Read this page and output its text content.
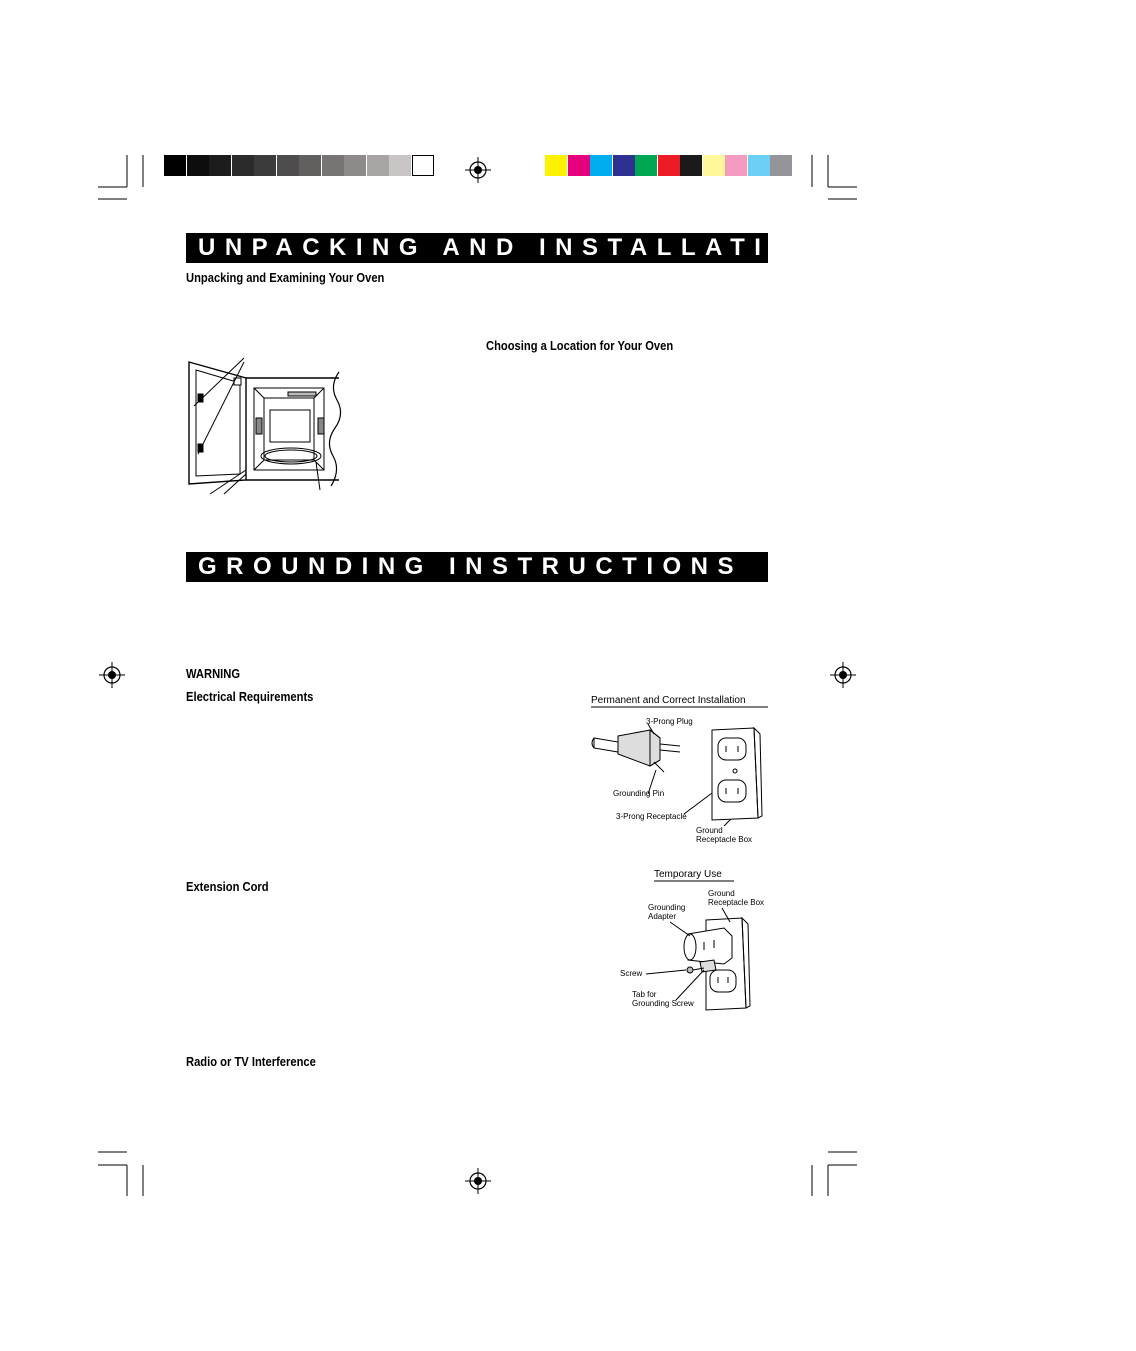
UNPACKING AND INSTALLATION INSTRUCTIONS
Unpacking and Examining Your Oven
Choosing a Location for Your Oven
GROUNDING INSTRUCTIONS
WARNING
Electrical Requirements
Extension Cord
Radio or TV Interference
Permanent and Correct Installation
3-Prong Plug
Grounding Pin
3-Prong Receptacle
Ground
Receptacle Box
Temporary Use
Ground
Receptacle Box
Grounding
Adapter
Screw
Tab for
Grounding Screw
